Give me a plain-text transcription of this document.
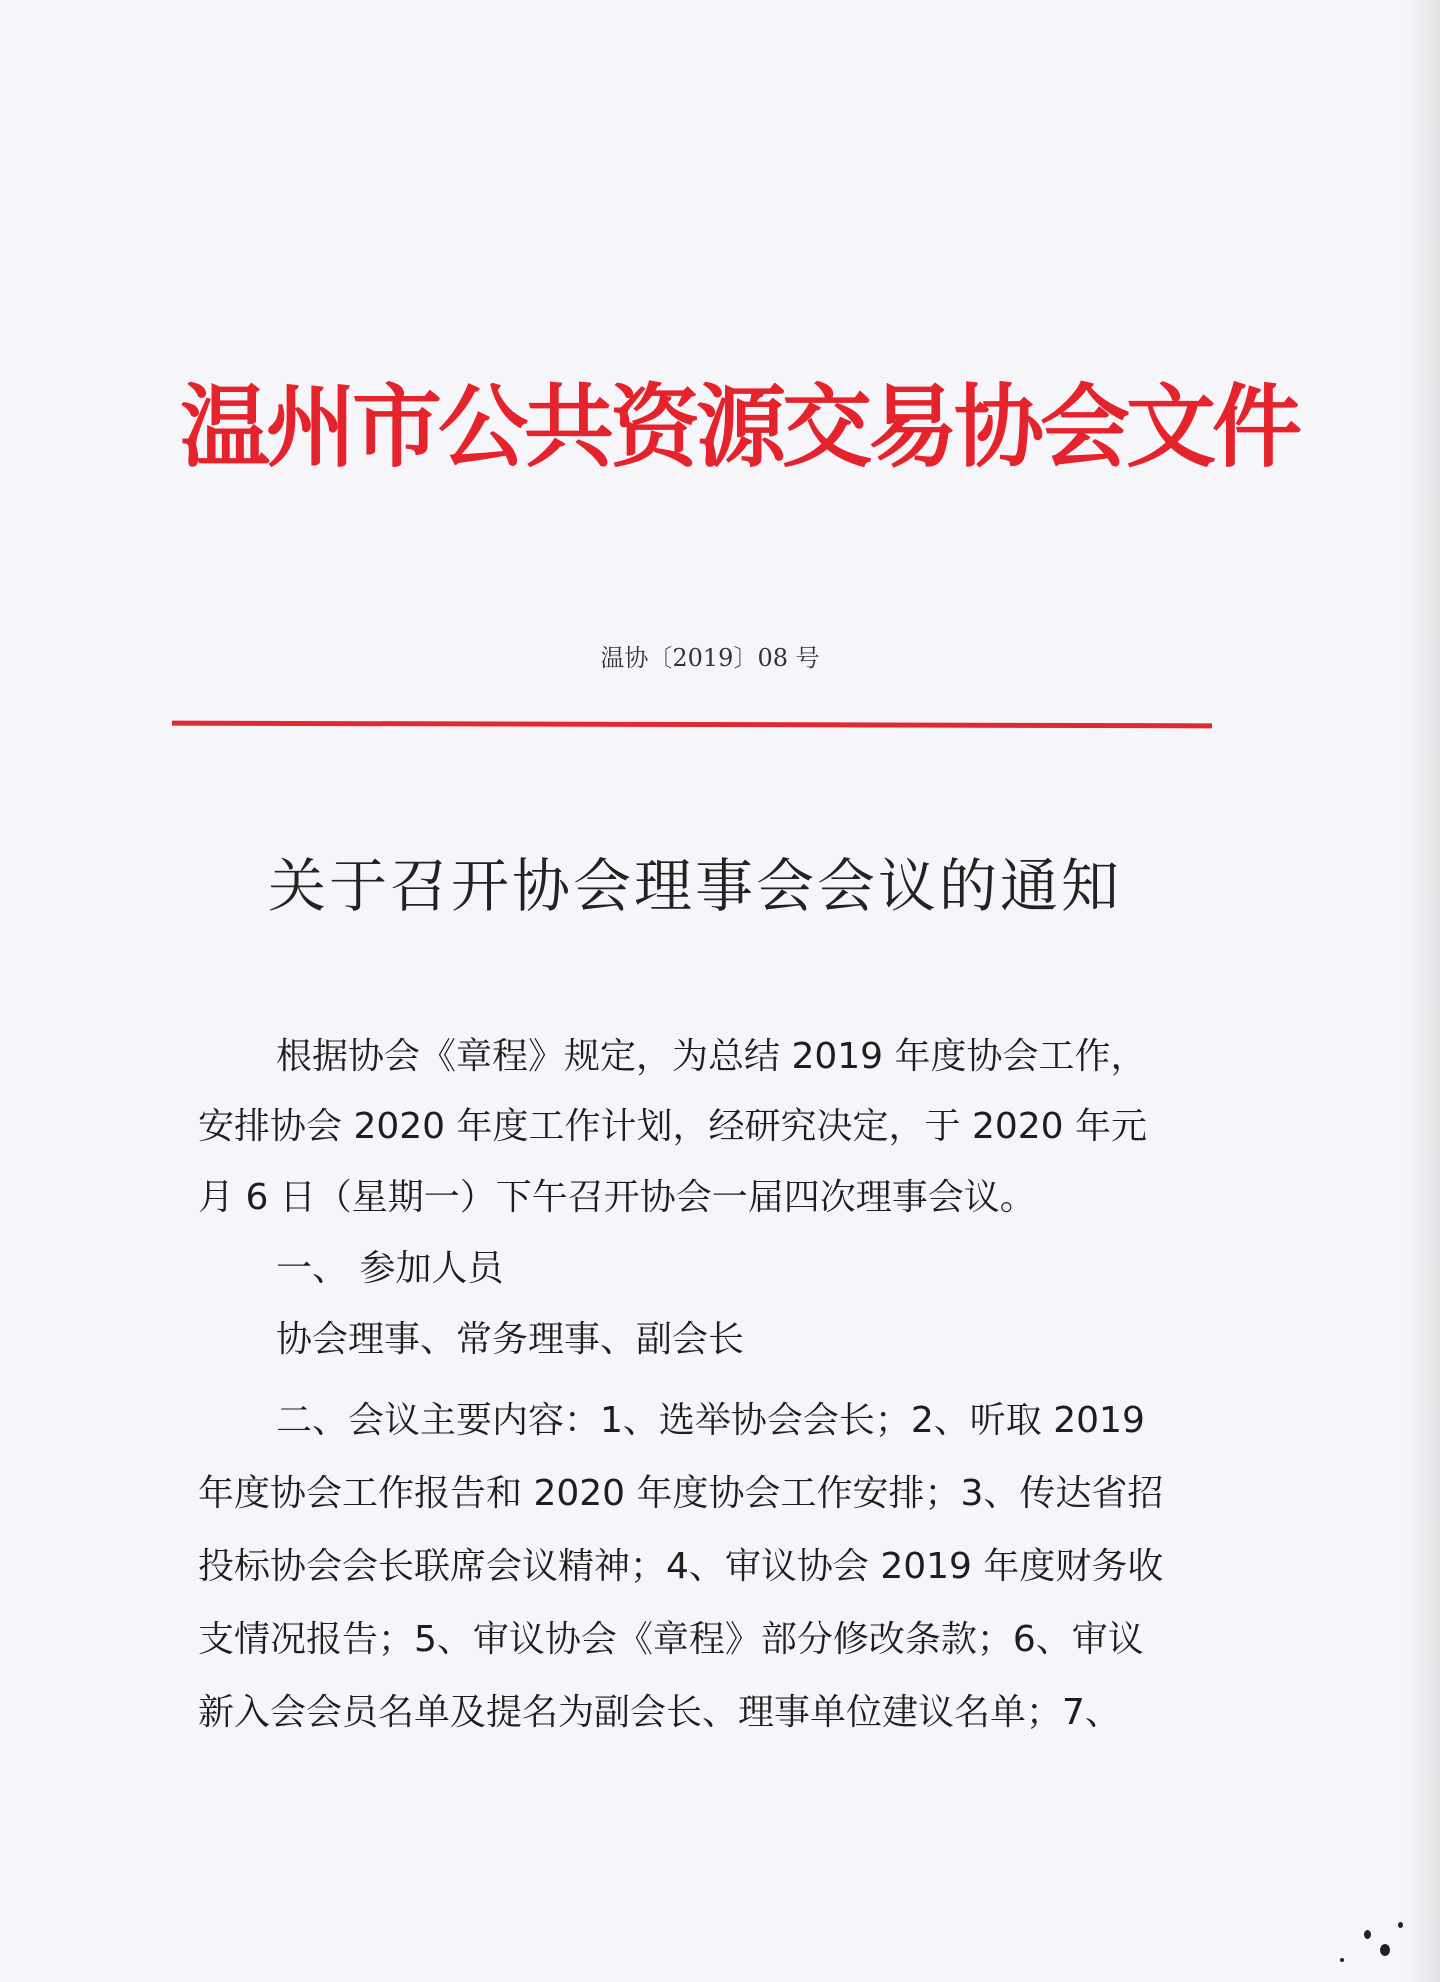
温州市公共资源交易协会文件
温协〔2019〕08 号
关于召开协会理事会会议的通知
根据协会《章程》规定，为总结 2019 年度协会工作，
安排协会 2020 年度工作计划，经研究决定，于 2020 年元
月 6 日（星期一）下午召开协会一届四次理事会议。
一、 参加人员
协会理事、常务理事、副会长
二、会议主要内容：1、选举协会会长；2、听取 2019
年度协会工作报告和 2020 年度协会工作安排；3、传达省招
投标协会会长联席会议精神；4、审议协会 2019 年度财务收
支情况报告；5、审议协会《章程》部分修改条款；6、审议
新入会会员名单及提名为副会长、理事单位建议名单；7、
